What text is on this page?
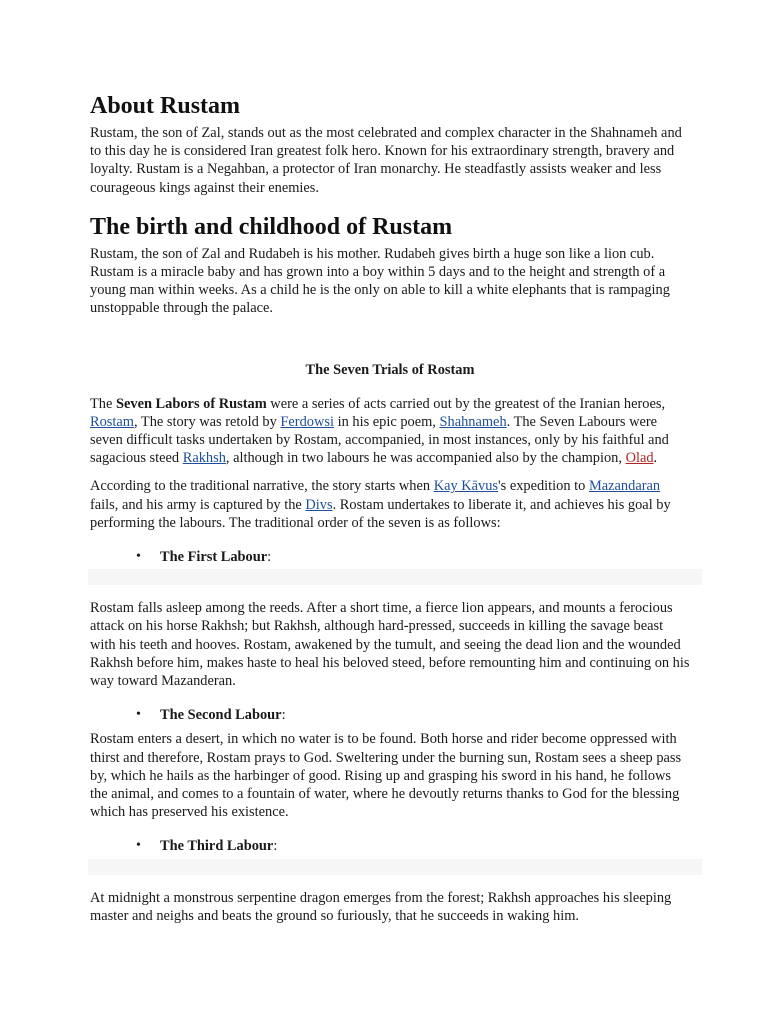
About Rustam

Rustam, the son of Zal, stands out as the most celebrated and complex character in the Shahnameh and to this day he is considered Iran greatest folk hero. Known for his extraordinary strength, bravery and loyalty. Rustam is a Negahban, a protector of Iran monarchy. He steadfastly assists weaker and less courageous kings against their enemies.

The birth and childhood of Rustam

Rustam, the son of Zal and Rudabeh is his mother. Rudabeh gives birth a huge son like a lion cub. Rustam is a miracle baby and has grown into a boy within 5 days and to the height and strength of a young man within weeks. As a child he is the only on able to kill a white elephants that is rampaging unstoppable through the palace.

The Seven Trials of Rostam

The Seven Labors of Rustam were a series of acts carried out by the greatest of the Iranian heroes, Rostam, The story was retold by Ferdowsi in his epic poem, Shahnameh. The Seven Labours were seven difficult tasks undertaken by Rostam, accompanied, in most instances, only by his faithful and sagacious steed Rakhsh, although in two labours he was accompanied also by the champion, Olad.

According to the traditional narrative, the story starts when Kay Kāvus's expedition to Mazandaran fails, and his army is captured by the Divs. Rostam undertakes to liberate it, and achieves his goal by performing the labours. The traditional order of the seven is as follows:

• The First Labour:

Rostam falls asleep among the reeds. After a short time, a fierce lion appears, and mounts a ferocious attack on his horse Rakhsh; but Rakhsh, although hard-pressed, succeeds in killing the savage beast with his teeth and hooves. Rostam, awakened by the tumult, and seeing the dead lion and the wounded Rakhsh before him, makes haste to heal his beloved steed, before remounting him and continuing on his way toward Mazanderan.

• The Second Labour:

Rostam enters a desert, in which no water is to be found. Both horse and rider become oppressed with thirst and therefore, Rostam prays to God. Sweltering under the burning sun, Rostam sees a sheep pass by, which he hails as the harbinger of good. Rising up and grasping his sword in his hand, he follows the animal, and comes to a fountain of water, where he devoutly returns thanks to God for the blessing which has preserved his existence.

• The Third Labour:

At midnight a monstrous serpentine dragon emerges from the forest; Rakhsh approaches his sleeping master and neighs and beats the ground so furiously, that he succeeds in waking him.
